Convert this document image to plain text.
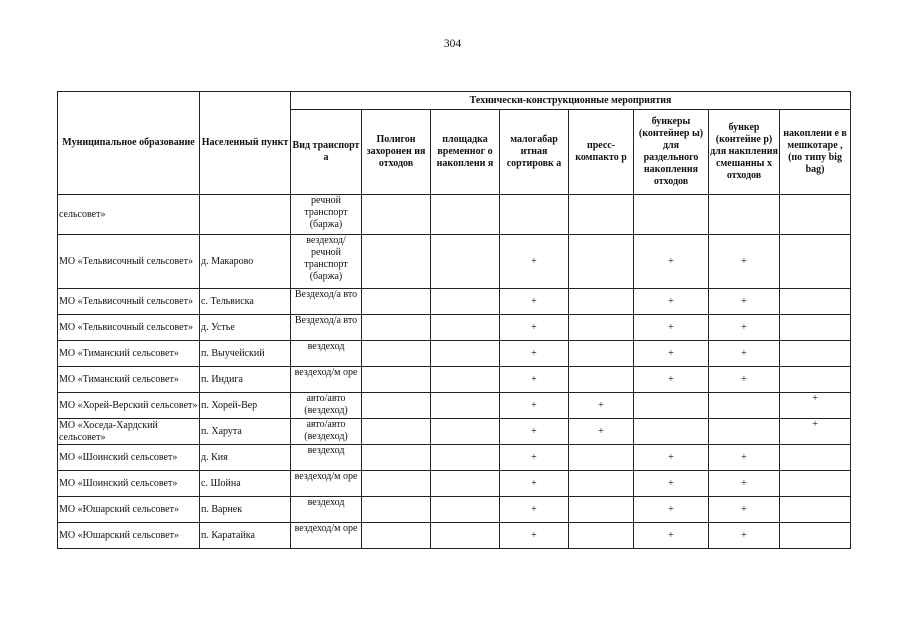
304
Муниципальное образование	Населенный пункт	Технически-конструкционные мероприятия								
		Вид транспорт а	Полигон захоронен ия отходов	площадка временног о накоплени я	малогабар итная сортировк а	пресс-компакто р	бункеры (контейнер ы) для раздельного накопления отходов	бункер (контейне р) для накпления смешанны х отходов	накоплени е в мешкотаре , (по типу big bag)	
сельсовет»		речной транспорт (баржа)								
МО «Тельвисочный сельсовет»	д. Макарово	вездеход/ речной транспорт (баржа)			+		+	+		
МО «Тельвисочный сельсовет»	с. Тельвиска	Вездеход/а вто			+		+	+		
МО «Тельвисочный сельсовет»	д. Устье	Вездеход/а вто			+		+	+		
МО «Тиманский сельсовет»	п. Выучейский	вездеход			+		+	+		
МО «Тиманский сельсовет»	п. Индига	вездеход/м оре			+		+	+		
МО «Хорей-Верский сельсовет»	п. Хорей-Вер	авто/авто (вездеход)			+	+			+	
МО «Хоседа-Хардский сельсовет»	п. Харута	авто/авто (вездеход)			+	+			+	
МО «Шоинский сельсовет»	д. Кия	вездеход			+		+	+		
МО «Шоинский сельсовет»	с. Шойна	вездеход/м оре			+		+	+		
МО «Юшарский сельсовет»	п. Варнек	вездеход			+		+	+		
МО «Юшарский сельсовет»	п. Каратайка	вездеход/м оре			+		+	+		
